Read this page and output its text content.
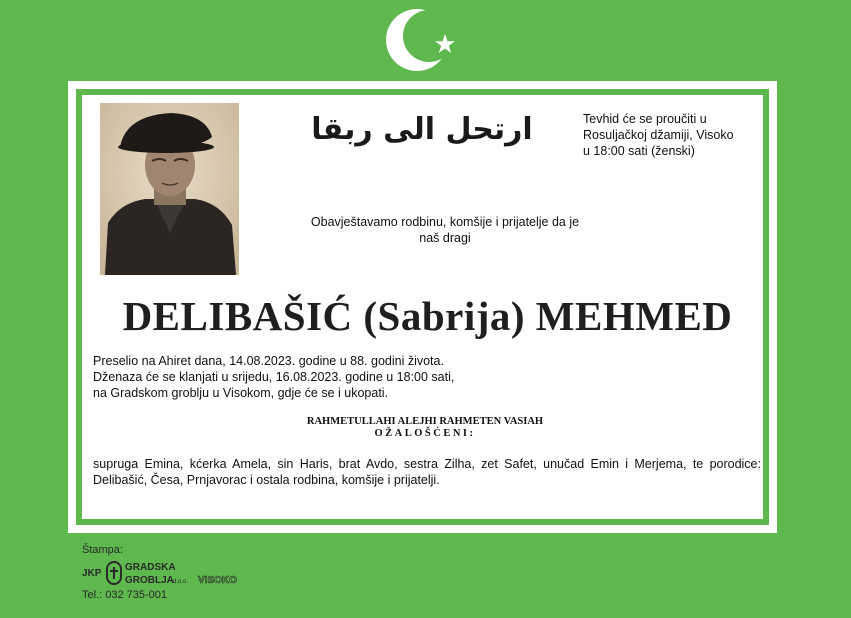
ارتحل الى ربقا	Tevhid će se proučiti u
Rosuljačkoj džamiji, Visoko
u 18:00 sati (ženski)
Obavještavamo rodbinu, komšije i prijatelje da je
naš dragi
DELIBAŠIĆ (Sabrija) MEHMED
Preselio na Ahiret dana, 14.08.2023. godine u 88. godini života.
Dženaza će se klanjati u srijedu, 16.08.2023. godine u 18:00 sati,
na Gradskom groblju u Visokom, gdje će se i ukopati.
RAHMETULLAHI ALEJHI RAHMETEN VASIAH
OŽALOŠĆENI:
supruga Emina, kćerka Amela, sin Haris, brat Avdo, sestra Zilha, zet Safet, unučad Emin i Merjema, te porodice:
Delibašić, Česa, Prnjavorac i ostala rodbina, komšije i prijatelji.
Štampa:
JKP
GRADSKA
GROBLJA d.o.o. VISOKO
Tel.: 032 735-001
